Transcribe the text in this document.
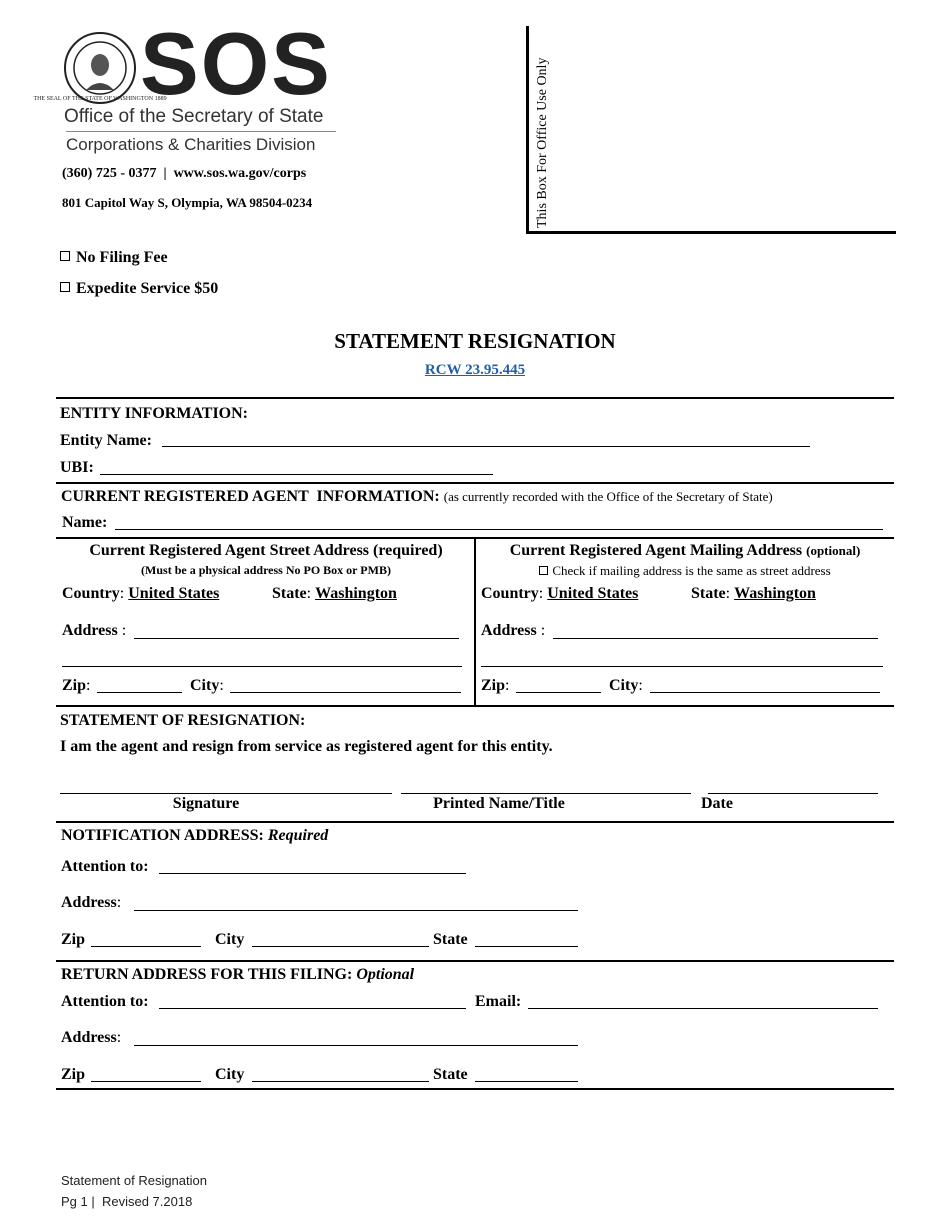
THE SEAL OF THE STATE OF WASHINGTON 1889
SOS
Office of the Secretary of State
Corporations & Charities Division
(360) 725 - 0377  |  www.sos.wa.gov/corps
801 Capitol Way S, Olympia, WA 98504-0234	This Box For Office Use Only
No Filing Fee
Expedite Service $50
STATEMENT RESIGNATION
RCW 23.95.445
ENTITY INFORMATION:
Entity Name:
UBI:
CURRENT REGISTERED AGENT  INFORMATION: (as currently recorded with the Office of the Secretary of State)
Name:
Current Registered Agent Street Address (required)
(Must be a physical address No PO Box or PMB)
Country: United States	State: Washington
Address :
Zip:	City:
Current Registered Agent Mailing Address (optional)
Check if mailing address is the same as street address
Country: United States	State: Washington
Address :
Zip:	City:
STATEMENT OF RESIGNATION:
I am the agent and resign from service as registered agent for this entity.
Signature	Printed Name/Title	Date
NOTIFICATION ADDRESS: Required
Attention to:
Address:
Zip	City	State
RETURN ADDRESS FOR THIS FILING: Optional
Attention to:	Email:
Address:
Zip	City	State
Statement of Resignation
Pg 1 |  Revised 7.2018
